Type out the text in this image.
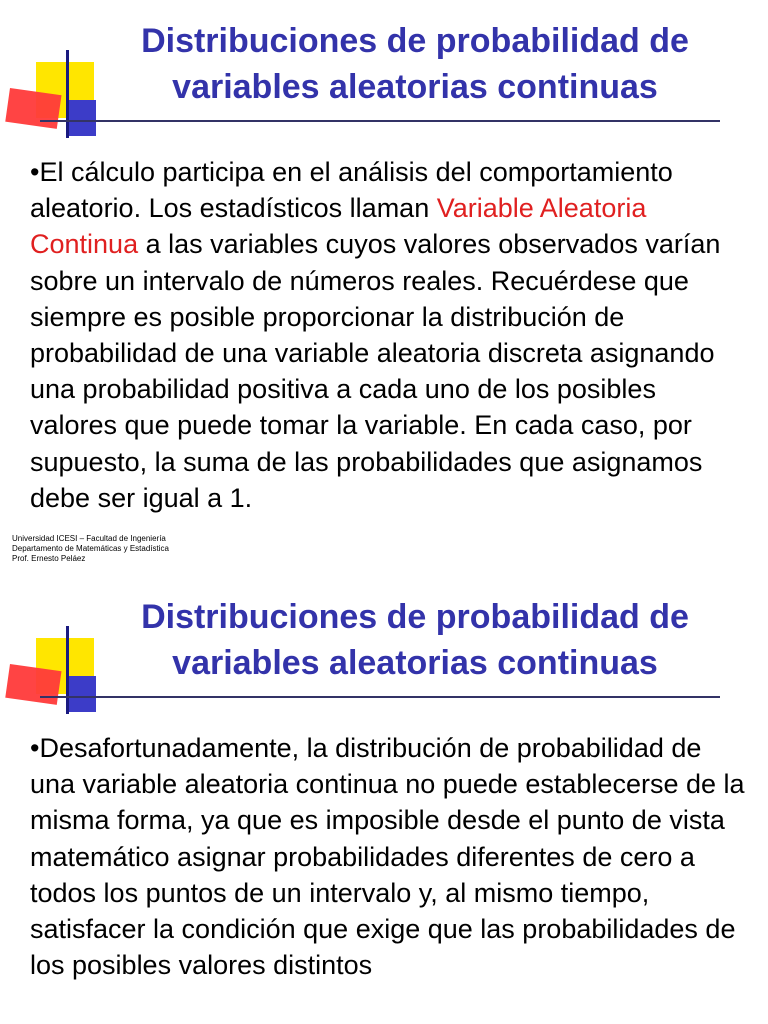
Distribuciones de probabilidad de
variables aleatorias continuas

•El cálculo participa en el análisis del comportamiento aleatorio. Los estadísticos llaman Variable Aleatoria Continua a las variables cuyos valores observados varían sobre un intervalo de números reales. Recuérdese que siempre es posible proporcionar la distribución de probabilidad de una variable aleatoria discreta asignando una probabilidad positiva a cada uno de los posibles valores que puede tomar la variable. En cada caso, por supuesto, la suma de las probabilidades que asignamos debe ser igual a 1.

Universidad ICESI – Facultad de Ingeniería
Departamento de Matemáticas y Estadística
Prof. Ernesto Peláez
Distribuciones de probabilidad de
variables aleatorias continuas

•Desafortunadamente, la distribución de probabilidad de una variable aleatoria continua no puede establecerse de la misma forma, ya que es imposible desde el punto de vista matemático asignar probabilidades diferentes de cero a todos los puntos de un intervalo y, al mismo tiempo, satisfacer la condición que exige que las probabilidades de los posibles valores distintos
